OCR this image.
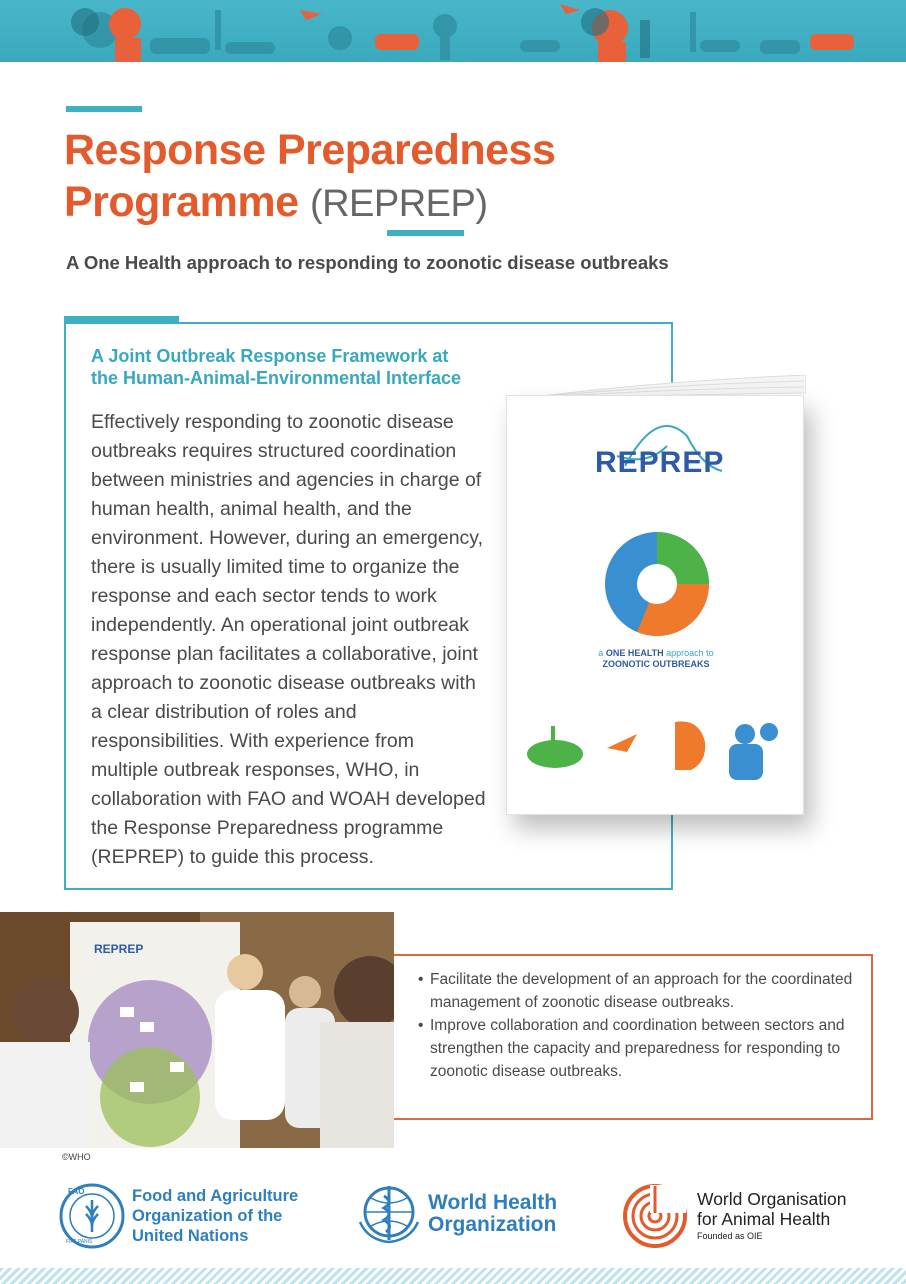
Response Preparedness
Programme (REPREP)
A One Health approach to responding to zoonotic disease outbreaks
A Joint Outbreak Response Framework at
the Human-Animal-Environmental Interface
Effectively responding to zoonotic disease outbreaks requires structured coordination between ministries and agencies in charge of human health, animal health, and the environment. However, during an emergency, there is usually limited time to organize the response and each sector tends to work independently. An operational joint outbreak response plan facilitates a collaborative, joint approach to zoonotic disease outbreaks with a clear distribution of roles and responsibilities. With experience from multiple outbreak responses, WHO, in collaboration with FAO and WOAH developed the Response Preparedness programme (REPREP) to guide this process.
REPREP
a ONE HEALTH approach to
ZOONOTIC OUTBREAKS
REPREP
©WHO
• Facilitate the development of an approach for the coordinated management of zoonotic disease outbreaks.
• Improve collaboration and coordination between sectors and strengthen the capacity and preparedness for responding to zoonotic disease outbreaks.
FAO
FIAT PANIS
Food and Agriculture
Organization of the
United Nations
World Health
Organization
World Organisation
for Animal Health
Founded as OIE
